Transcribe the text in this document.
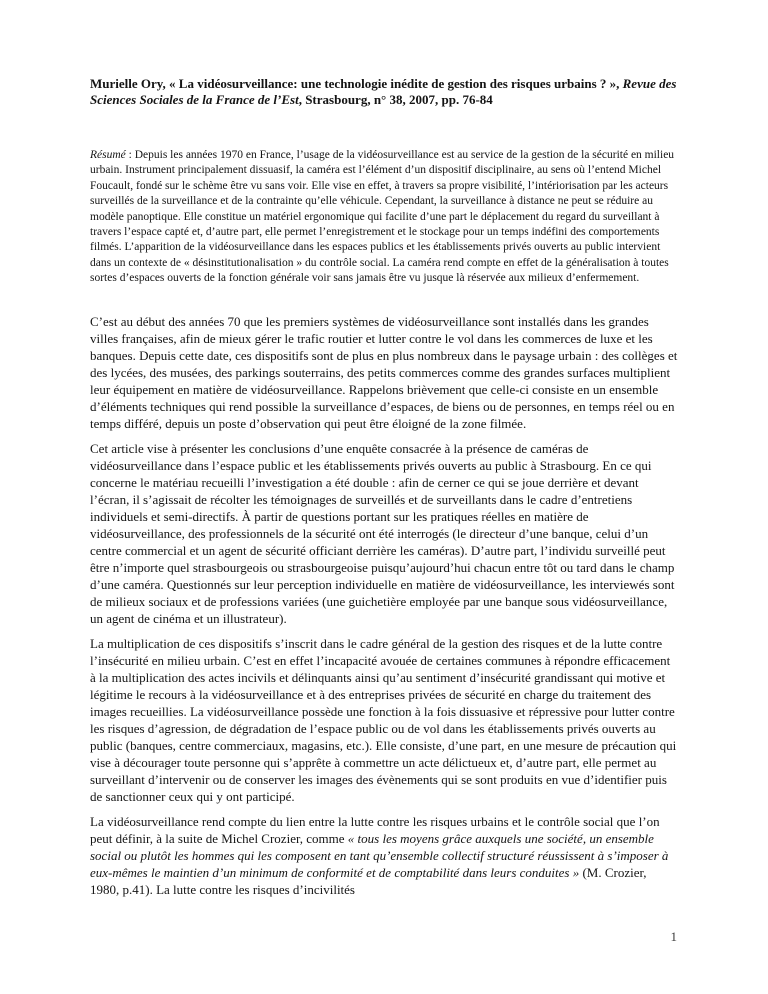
Murielle Ory, « La vidéosurveillance: une technologie inédite de gestion des risques urbains ? », Revue des Sciences Sociales de la France de l’Est, Strasbourg, n° 38, 2007, pp. 76-84

Résumé : Depuis les années 1970 en France, l’usage de la vidéosurveillance est au service de la gestion de la sécurité en milieu urbain. Instrument principalement dissuasif, la caméra est l’élément d’un dispositif disciplinaire, au sens où l’entend Michel Foucault, fondé sur le schème être vu sans voir. Elle vise en effet, à travers sa propre visibilité, l’intériorisation par les acteurs surveillés de la surveillance et de la contrainte qu’elle véhicule. Cependant, la surveillance à distance ne peut se réduire au modèle panoptique. Elle constitue un matériel ergonomique qui facilite d’une part le déplacement du regard du surveillant à travers l’espace capté et, d’autre part, elle permet l’enregistrement et le stockage pour un temps indéfini des comportements filmés. L’apparition de la vidéosurveillance dans les espaces publics et les établissements privés ouverts au public intervient dans un contexte de « désinstitutionalisation » du contrôle social. La caméra rend compte en effet de la généralisation à toutes sortes d’espaces ouverts de la fonction générale voir sans jamais être vu jusque là réservée aux milieux d’enfermement.

C’est au début des années 70 que les premiers systèmes de vidéosurveillance sont installés dans les grandes villes françaises, afin de mieux gérer le trafic routier et lutter contre le vol dans les commerces de luxe et les banques. Depuis cette date, ces dispositifs sont de plus en plus nombreux dans le paysage urbain : des collèges et des lycées, des musées, des parkings souterrains, des petits commerces comme des grandes surfaces multiplient leur équipement en matière de vidéosurveillance. Rappelons brièvement que celle-ci consiste en un ensemble d’éléments techniques qui rend possible la surveillance d’espaces, de biens ou de personnes, en temps réel ou en temps différé, depuis un poste d’observation qui peut être éloigné de la zone filmée.

Cet article vise à présenter les conclusions d’une enquête consacrée à la présence de caméras de vidéosurveillance dans l’espace public et les établissements privés ouverts au public à Strasbourg. En ce qui concerne le matériau recueilli l’investigation a été double : afin de cerner ce qui se joue derrière et devant l’écran, il s’agissait de récolter les témoignages de surveillés et de surveillants dans le cadre d’entretiens individuels et semi-directifs. À partir de questions portant sur les pratiques réelles en matière de vidéosurveillance, des professionnels de la sécurité ont été interrogés (le directeur d’une banque, celui d’un centre commercial et un agent de sécurité officiant derrière les caméras). D’autre part, l’individu surveillé peut être n’importe quel strasbourgeois ou strasbourgeoise puisqu’aujourd’hui chacun entre tôt ou tard dans le champ d’une caméra. Questionnés sur leur perception individuelle en matière de vidéosurveillance, les interviewés sont de milieux sociaux et de professions variées (une guichetière employée par une banque sous vidéosurveillance, un agent de cinéma et un illustrateur).

La multiplication de ces dispositifs s’inscrit dans le cadre général de la gestion des risques et de la lutte contre l’insécurité en milieu urbain. C’est en effet l’incapacité avouée de certaines communes à répondre efficacement à la multiplication des actes incivils et délinquants ainsi qu’au sentiment d’insécurité grandissant qui motive et légitime le recours à la vidéosurveillance et à des entreprises privées de sécurité en charge du traitement des images recueillies. La vidéosurveillance possède une fonction à la fois dissuasive et répressive pour lutter contre les risques d’agression, de dégradation de l’espace public ou de vol dans les établissements privés ouverts au public (banques, centre commerciaux, magasins, etc.). Elle consiste, d’une part, en une mesure de précaution qui vise à décourager toute personne qui s’apprête à commettre un acte délictueux et, d’autre part, elle permet au surveillant d’intervenir ou de conserver les images des évènements qui se sont produits en vue d’identifier puis de sanctionner ceux qui y ont participé.

La vidéosurveillance rend compte du lien entre la lutte contre les risques urbains et le contrôle social que l’on peut définir, à la suite de Michel Crozier, comme « tous les moyens grâce auxquels une société, un ensemble social ou plutôt les hommes qui les composent en tant qu’ensemble collectif structuré réussissent à s’imposer à eux-mêmes le maintien d’un minimum de conformité et de comptabilité dans leurs conduites » (M. Crozier, 1980, p.41). La lutte contre les risques d’incivilités

1
